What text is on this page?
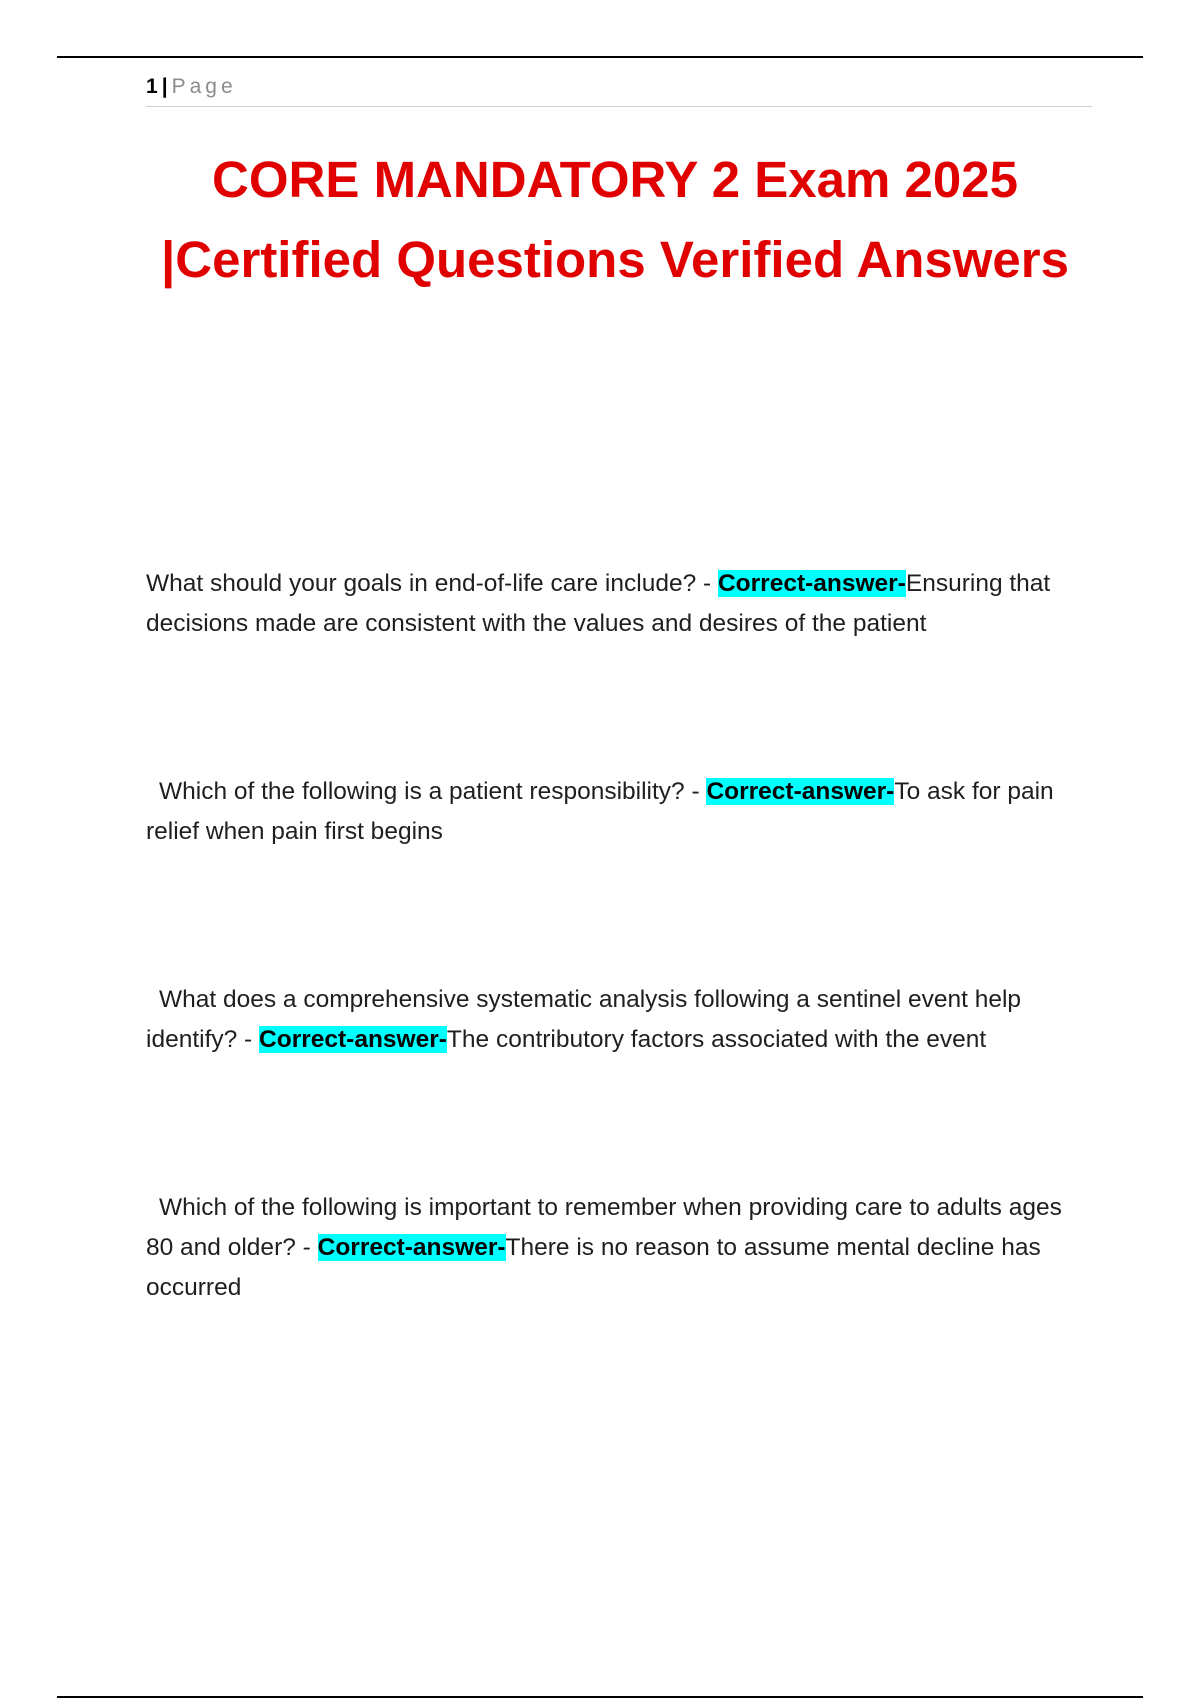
1 | Page
CORE MANDATORY 2 Exam 2025 |Certified Questions Verified Answers

What should your goals in end-of-life care include? - Correct-answer-Ensuring that decisions made are consistent with the values and desires of the patient

Which of the following is a patient responsibility? - Correct-answer-To ask for pain relief when pain first begins

What does a comprehensive systematic analysis following a sentinel event help identify? - Correct-answer-The contributory factors associated with the event

Which of the following is important to remember when providing care to adults ages 80 and older? - Correct-answer-There is no reason to assume mental decline has occurred
